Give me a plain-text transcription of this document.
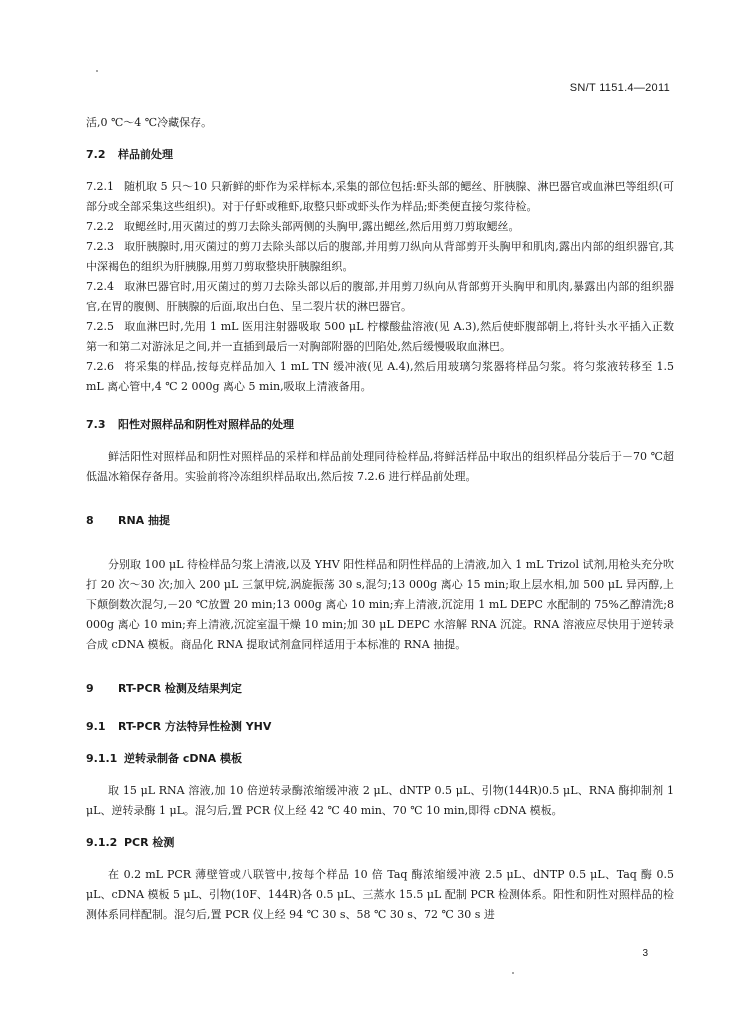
SN/T 1151.4—2011

活,0 ℃～4 ℃冷藏保存。

7.2 样品前处理

7.2.1 随机取 5 只～10 只新鲜的虾作为采样标本,采集的部位包括:虾头部的鳃丝、肝胰腺、淋巴器官或血淋巴等组织(可部分或全部采集这些组织)。对于仔虾或稚虾,取整只虾或虾头作为样品;虾类便直接匀浆待检。

7.2.2 取鳃丝时,用灭菌过的剪刀去除头部两侧的头胸甲,露出鳃丝,然后用剪刀剪取鳃丝。

7.2.3 取肝胰腺时,用灭菌过的剪刀去除头部以后的腹部,并用剪刀纵向从背部剪开头胸甲和肌肉,露出内部的组织器官,其中深褐色的组织为肝胰腺,用剪刀剪取整块肝胰腺组织。

7.2.4 取淋巴器官时,用灭菌过的剪刀去除头部以后的腹部,并用剪刀纵向从背部剪开头胸甲和肌肉,暴露出内部的组织器官,在胃的腹侧、肝胰腺的后面,取出白色、呈二裂片状的淋巴器官。

7.2.5 取血淋巴时,先用 1 mL 医用注射器吸取 500 μL 柠檬酸盐溶液(见 A.3),然后使虾腹部朝上,将针头水平插入正数第一和第二对游泳足之间,并一直插到最后一对胸部附器的凹陷处,然后缓慢吸取血淋巴。

7.2.6 将采集的样品,按每克样品加入 1 mL TN 缓冲液(见 A.4),然后用玻璃匀浆器将样品匀浆。将匀浆液转移至 1.5 mL 离心管中,4 ℃ 2 000g 离心 5 min,吸取上清液备用。

7.3 阳性对照样品和阴性对照样品的处理

鲜活阳性对照样品和阴性对照样品的采样和样品前处理同待检样品,将鲜活样品中取出的组织样品分装后于－70 ℃超低温冰箱保存备用。实验前将冷冻组织样品取出,然后按 7.2.6 进行样品前处理。

8 RNA 抽提

分别取 100 μL 待检样品匀浆上清液,以及 YHV 阳性样品和阴性样品的上清液,加入 1 mL Trizol 试剂,用枪头充分吹打 20 次～30 次;加入 200 μL 三氯甲烷,涡旋振荡 30 s,混匀;13 000g 离心 15 min;取上层水相,加 500 μL 异丙醇,上下颠倒数次混匀,－20 ℃放置 20 min;13 000g 离心 10 min;弃上清液,沉淀用 1 mL DEPC 水配制的 75%乙醇清洗;8 000g 离心 10 min;弃上清液,沉淀室温干燥 10 min;加 30 μL DEPC 水溶解 RNA 沉淀。RNA 溶液应尽快用于逆转录合成 cDNA 模板。商品化 RNA 提取试剂盒同样适用于本标准的 RNA 抽提。

9 RT-PCR 检测及结果判定
9.1 RT-PCR 方法特异性检测 YHV
9.1.1 逆转录制备 cDNA 模板

取 15 μL RNA 溶液,加 10 倍逆转录酶浓缩缓冲液 2 μL、dNTP 0.5 μL、引物(144R)0.5 μL、RNA 酶抑制剂 1 μL、逆转录酶 1 μL。混匀后,置 PCR 仪上经 42 ℃ 40 min、70 ℃ 10 min,即得 cDNA 模板。

9.1.2 PCR 检测

在 0.2 mL PCR 薄壁管或八联管中,按每个样品 10 倍 Taq 酶浓缩缓冲液 2.5 μL、dNTP 0.5 μL、Taq 酶 0.5 μL、cDNA 模板 5 μL、引物(10F、144R)各 0.5 μL、三蒸水 15.5 μL 配制 PCR 检测体系。阳性和阴性对照样品的检测体系同样配制。混匀后,置 PCR 仪上经 94 ℃ 30 s、58 ℃ 30 s、72 ℃ 30 s 进

3
